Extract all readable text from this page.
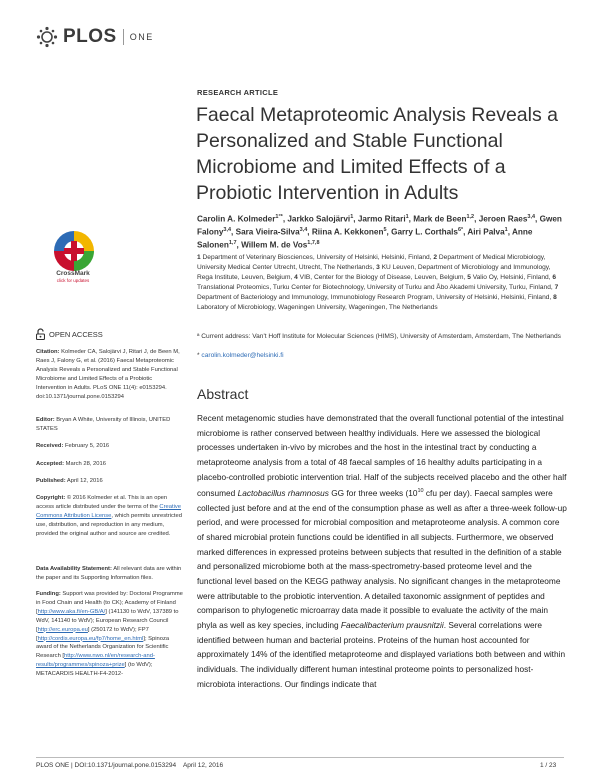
PLOS ONE
RESEARCH ARTICLE
Faecal Metaproteomic Analysis Reveals a Personalized and Stable Functional Microbiome and Limited Effects of a Probiotic Intervention in Adults
Carolin A. Kolmeder$^{1^\circ*}$, Jarkko Salojärvi$^1$, Jarmo Ritari$^1$, Mark de Been$^{1,2}$, Jeroen Raes$^{3,4}$, Gwen Falony$^{3,4}$, Sara Vieira-Silva$^{3,4}$, Riina A. Kekkonen$^5$, Garry L. Corthals$^{6ª}$, Airi Palva$^1$, Anne Salonen$^{1,7}$, Willem M. de Vos$^{1,7,8}$
1 Department of Veterinary Biosciences, University of Helsinki, Helsinki, Finland, 2 Department of Medical Microbiology, University Medical Center Utrecht, Utrecht, The Netherlands, 3 KU Leuven, Department of Microbiology and Immunology, Rega Institute, Leuven, Belgium, 4 VIB, Center for the Biology of Disease, Leuven, Belgium, 5 Valio Oy, Helsinki, Finland, 6 Translational Proteomics, Turku Center for Biotechnology, University of Turku and Åbo Akademi University, Turku, Finland, 7 Department of Bacteriology and Immunology, Immunobiology Research Program, University of Helsinki, Helsinki, Finland, 8 Laboratory of Microbiology, Wageningen University, Wageningen, The Netherlands
ª Current address: Van't Hoff Institute for Molecular Sciences (HIMS), University of Amsterdam, Amsterdam, The Netherlands
* carolin.kolmeder@helsinki.fi
Abstract

Recent metagenomic studies have demonstrated that the overall functional potential of the intestinal microbiome is rather conserved between healthy individuals. Here we assessed the biological processes undertaken in-vivo by microbes and the host in the intestinal tract by conducting a metaproteome analysis from a total of 48 faecal samples of 16 healthy adults participating in a placebo-controlled probiotic intervention trial. Half of the subjects received placebo and the other half consumed Lactobacillus rhamnosus GG for three weeks ($10^{10}$ cfu per day). Faecal samples were collected just before and at the end of the consumption phase as well as after a three-week follow-up period, and were processed for microbial composition and metaproteome analysis. A common core of shared microbial protein functions could be identified in all subjects. Furthermore, we observed marked differences in expressed proteins between subjects that resulted in the definition of a stable and personalized microbiome both at the mass-spectrometry-based proteome level and the functional level based on the KEGG pathway analysis. No significant changes in the metaproteome were attributable to the probiotic intervention. A detailed taxonomic assignment of peptides and comparison to phylogenetic microarray data made it possible to evaluate the activity of the main phyla as well as key species, including Faecalibacterium prausnitzii. Several correlations were identified between human and bacterial proteins. Proteins of the human host accounted for approximately 14% of the identified metaproteome and displayed variations both between and within individuals. The individually different human intestinal proteome points to personalized host-microbiota interactions. Our findings indicate that

CrossMark
click for updates
OPEN ACCESS
Citation: Kolmeder CA, Salojärvi J, Ritari J, de Been M, Raes J, Falony G, et al. (2016) Faecal Metaproteomic Analysis Reveals a Personalized and Stable Functional Microbiome and Limited Effects of a Probiotic Intervention in Adults. PLoS ONE 11(4): e0153294. doi:10.1371/journal.pone.0153294
Editor: Bryan A White, University of Illinois, UNITED STATES
Received: February 5, 2016
Accepted: March 28, 2016
Published: April 12, 2016
Copyright: © 2016 Kolmeder et al. This is an open access article distributed under the terms of the Creative Commons Attribution License, which permits unrestricted use, distribution, and reproduction in any medium, provided the original author and source are credited.
Data Availability Statement: All relevant data are within the paper and its Supporting Information files.
Funding: Support was provided by: Doctoral Programme in Food Chain and Health (to CK); Academy of Finland [http://www.aka.fi/en-GB/A/] (141130 to WdV, 137389 to WdV, 141140 to WdV); European Research Council [http://erc.europa.eu] (250172 to WdV); FP7 [http://cordis.europa.eu/fp7/home_en.html]; Spinoza award of the Netherlands Organization for Scientific Research [http://www.nwo.nl/en/research-and-results/programmes/spinoza+prize] (to WdV); METACARDIS HEALTH-F4-2012-
PLOS ONE | DOI:10.1371/journal.pone.0153294    April 12, 2016	1 / 23
